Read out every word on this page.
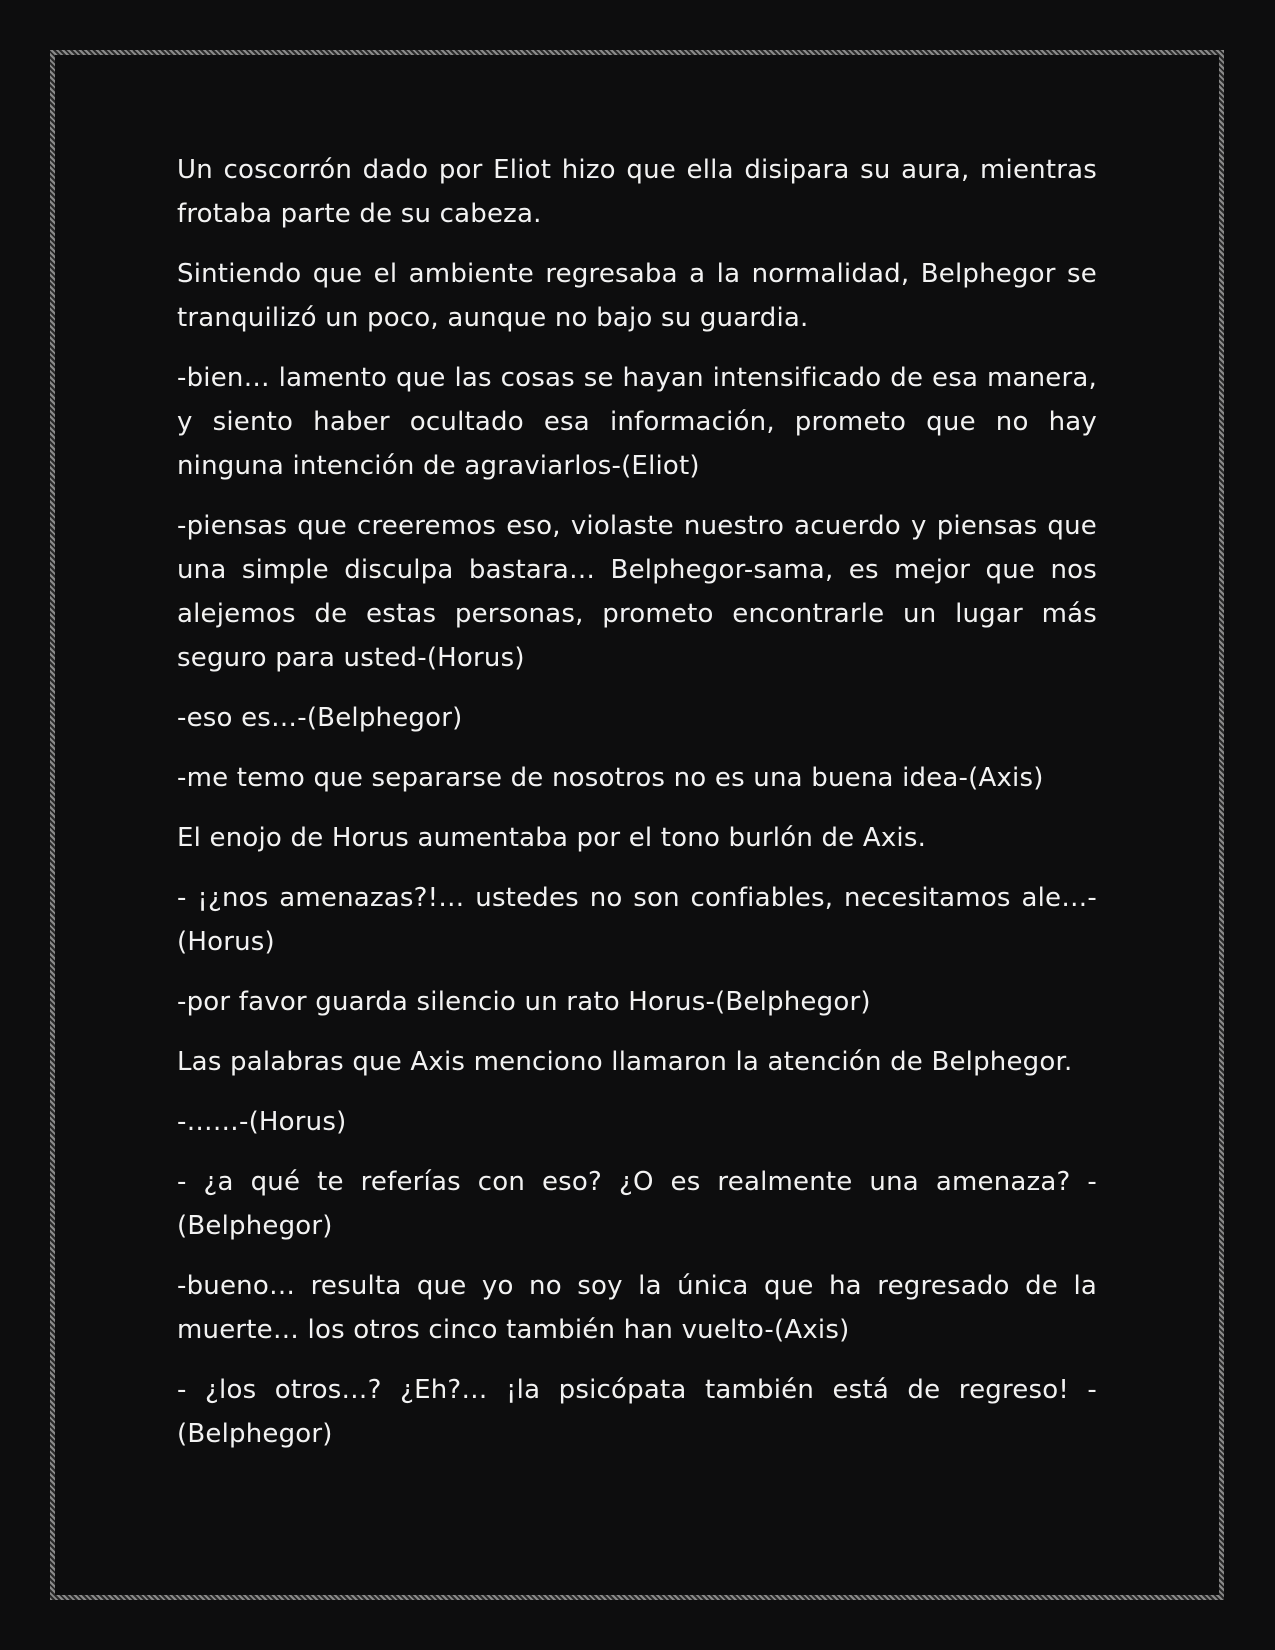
Un coscorrón dado por Eliot hizo que ella disipara su aura, mientras frotaba parte de su cabeza.

Sintiendo que el ambiente regresaba a la normalidad, Belphegor se tranquilizó un poco, aunque no bajo su guardia.

-bien… lamento que las cosas se hayan intensificado de esa manera, y siento haber ocultado esa información, prometo que no hay ninguna intención de agraviarlos-(Eliot)

-piensas que creeremos eso, violaste nuestro acuerdo y piensas que una simple disculpa bastara… Belphegor-sama, es mejor que nos alejemos de estas personas, prometo encontrarle un lugar más seguro para usted-(Horus)

-eso es…-(Belphegor)

-me temo que separarse de nosotros no es una buena idea-(Axis)

El enojo de Horus aumentaba por el tono burlón de Axis.

- ¡¿nos amenazas?!… ustedes no son confiables, necesitamos ale…-(Horus)

-por favor guarda silencio un rato Horus-(Belphegor)

Las palabras que Axis menciono llamaron la atención de Belphegor.

-……-(Horus)

- ¿a qué te referías con eso? ¿O es realmente una amenaza? -(Belphegor)

-bueno… resulta que yo no soy la única que ha regresado de la muerte… los otros cinco también han vuelto-(Axis)

- ¿los otros…? ¿Eh?… ¡la psicópata también está de regreso! -(Belphegor)
